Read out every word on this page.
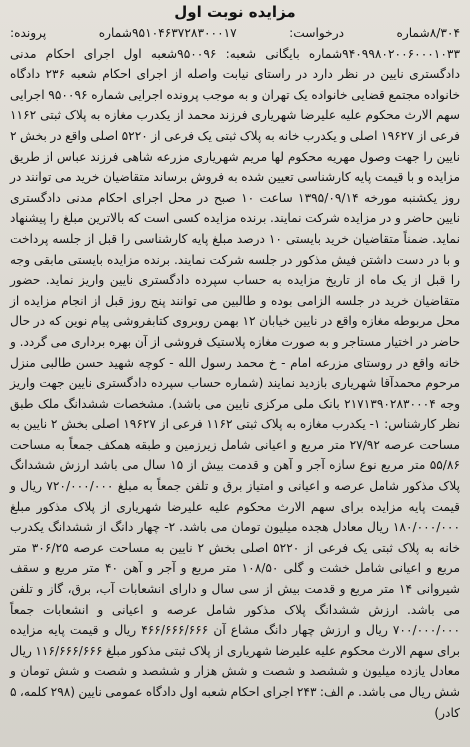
مزایده نوبت اول
۸/۳۰۴شماره درخواست: ۹۵۱۰۴۶۳۷۲۸۳۰۰۰۱۷شماره پرونده: ۹۴۰۹۹۸۰۲۰۰۶۰۰۰۱۰۳۳شماره بایگانی شعبه: ۹۵۰۰۹۶شعبه اول اجرای احکام مدنی دادگستری نایین در نظر دارد در راستای نیابت واصله از اجرای احکام شعبه ۲۳۶ دادگاه خانواده مجتمع قضایی خانواده یک تهران و به موجب پرونده اجرایی شماره ۹۵۰۰۹۶ اجرایی سهم الارث محکوم علیه علیرضا شهریاری فرزند محمد از یکدرب مغازه به پلاک ثبتی ۱۱۶۲ فرعی از ۱۹۶۲۷ اصلی و یکدرب خانه به پلاک ثبتی یک فرعی از ۵۲۲۰ اصلی واقع در بخش ۲ نایین را جهت وصول مهریه محکوم لها مریم شهریاری مزرعه شاهی فرزند عباس از طریق مزایده و با قیمت پایه کارشناسی تعیین شده به فروش برساند متقاضیان خرید می توانند در روز یکشنبه مورخه ۱۳۹۵/۰۹/۱۴ ساعت ۱۰ صبح در محل اجرای احکام مدنی دادگستری نایین حاضر و در مزایده شرکت نمایند. برنده مزایده کسی است که بالاترین مبلغ را پیشنهاد نماید. ضمناً متقاضیان خرید بایستی ۱۰ درصد مبلغ پایه کارشناسی را قبل از جلسه پرداخت و با در دست داشتن فیش مذکور در جلسه شرکت نمایند. برنده مزایده بایستی مابقی وجه را قبل از یک ماه از تاریخ مزایده به حساب سپرده دادگستری نایین واریز نماید. حضور متقاضیان خرید در جلسه الزامی بوده و طالبین می توانند پنج روز قبل از انجام مزایده از محل مربوطه مغازه واقع در نایین خیابان ۱۲ بهمن روبروی کتابفروشی پیام نوین که در حال حاضر در اختیار مستاجر و به صورت مغازه پلاستیک فروشی از آن بهره برداری می گردد. و خانه واقع در روستای مزرعه امام - خ محمد رسول الله - کوچه شهید حسن طالبی منزل مرحوم محمدآقا شهریاری بازدید نمایند (شماره حساب سپرده دادگستری نایین جهت واریز وجه ۲۱۷۱۳۹۰۲۸۳۰۰۰۴ بانک ملی مرکزی نایین می باشد). مشخصات ششدانگ ملک طبق نظر کارشناس: ۱- یکدرب مغازه به پلاک ثبتی ۱۱۶۲ فرعی از ۱۹۶۲۷ اصلی بخش ۲ نایین به مساحت عرصه ۲۷/۹۲ متر مربع و اعیانی شامل زیرزمین و طبقه همکف جمعاً به مساحت ۵۵/۸۶ متر مربع نوع سازه آجر و آهن و قدمت بیش از ۱۵ سال می باشد ارزش ششدانگ پلاک مذکور شامل عرصه و اعیانی و امتیاز برق و تلفن جمعاً به مبلغ ۷۲۰/۰۰۰/۰۰۰ ریال و قیمت پایه مزایده برای سهم الارث محکوم علیه علیرضا شهریاری از پلاک مذکور مبلغ ۱۸۰/۰۰۰/۰۰۰ ریال معادل هجده میلیون تومان می باشد. ۲- چهار دانگ از ششدانگ یکدرب خانه به پلاک ثبتی یک فرعی از ۵۲۲۰ اصلی بخش ۲ نایین به مساحت عرصه ۳۰۶/۲۵ متر مربع و اعیانی شامل خشت و گلی ۱۰۸/۵۰ متر مربع و آجر و آهن ۴۰ متر مربع و سقف شیروانی ۱۴ متر مربع و قدمت بیش از سی سال و دارای انشعابات آب، برق، گاز و تلفن می باشد. ارزش ششدانگ پلاک مذکور شامل عرصه و اعیانی و انشعابات جمعاً ۷۰۰/۰۰۰/۰۰۰ ریال و ارزش چهار دانگ مشاع آن ۴۶۶/۶۶۶/۶۶۶ ریال و قیمت پایه مزایده برای سهم الارث محکوم علیه علیرضا شهریاری از پلاک ثبتی مذکور مبلغ ۱۱۶/۶۶۶/۶۶۶ ریال معادل یازده میلیون و ششصد و شصت و شش هزار و ششصد و شصت و شش تومان و شش ریال می باشد. م الف: ۲۴۳ اجرای احکام شعبه اول دادگاه عمومی نایین (۲۹۸ کلمه، ۵ کادر)
